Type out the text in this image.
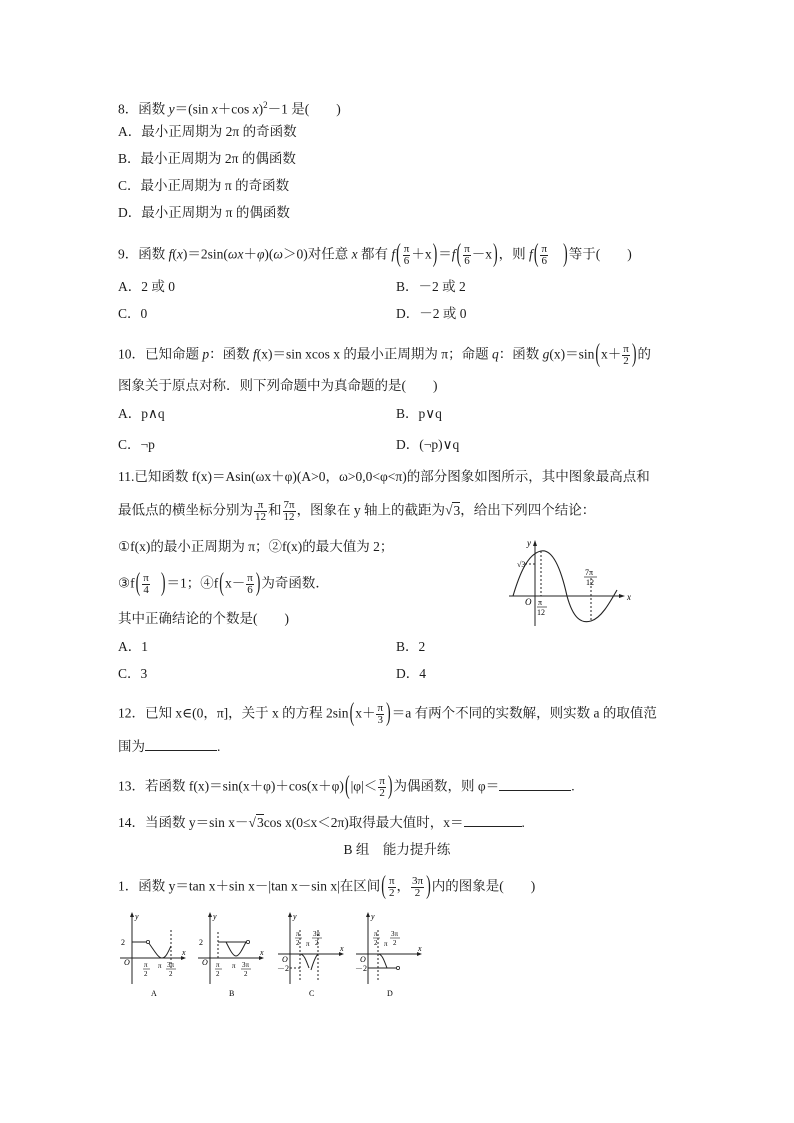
8．函数 y＝(sin x＋cos x)$^2$－1 是(　　)
A．最小正周期为 2π 的奇函数
B．最小正周期为 2π 的偶函数
C．最小正周期为 π 的奇函数
D．最小正周期为 π 的偶函数
9．函数 f(x)＝2sin(ωx＋φ)(ω＞0)对任意 x 都有 $f( \frac{\pi}{6} +x)=f( \frac{\pi}{6} -x)$，则 $f( \frac{\pi}{6}$ )等于(　　)
A．2 或 0	B．－2 或 2
C．0	D．－2 或 0
10．已知命题 p：函数 f(x)＝sin xcos x 的最小正周期为 π；命题 q：函数 $g(x)=\sin(x+ \frac{\pi}{2}$ )的
图象关于原点对称．则下列命题中为真命题的是(　　)
A．p∧q	B．p∨q
C．¬p	D．(¬p)∨q
11.已知函数 f(x)＝Asin(ωx＋φ)(A>0，ω>0,0<φ<π)的部分图象如图所示，其中图象最高点和
最低点的横坐标分别为 $\frac{\pi}{12}$ 和 $\frac{7\pi}{12}$ ，图象在 y 轴上的截距为√3，给出下列四个结论：
①f(x)的最小正周期为 π；②f(x)的最大值为 2；
③f( $\frac{\pi}{4} )=1$；④f(x－ $\frac{\pi}{6}$ )为奇函数．
其中正确结论的个数是(　　)
A．1	B．2
C．3	D．4
y
x
O
√3
π
12
7π
12
12．已知 x∈(0，π]，关于 x 的方程 $2\sin(x+ \frac{\pi}{3} )=a$ 有两个不同的实数解，则实数 a 的取值范
围为	.
13．若函数 $f(x)=\sin(x+\varphi)+\cos(x+\varphi)(|\varphi|< \frac{\pi}{2}$ )为偶函数，则 φ＝	.
14．当函数 y＝sin x－√3cos x(0≤x＜2π)取得最大值时，x＝	.
B 组　能力提升练
1．函数 y＝tan x＋sin x－|tan x－sin x|在区间( $\frac{\pi}{2}$ ， $\frac{3\pi}{2}$ )内的图象是(　　)
y
x
O
2
π
2
π 3π
2
A
y
x
O
2
π
2
π 3π
2
B
y
x
O
－2
π
2 π
3π
2
C
y
x
O
－2
π
2 π
3π
2
D
